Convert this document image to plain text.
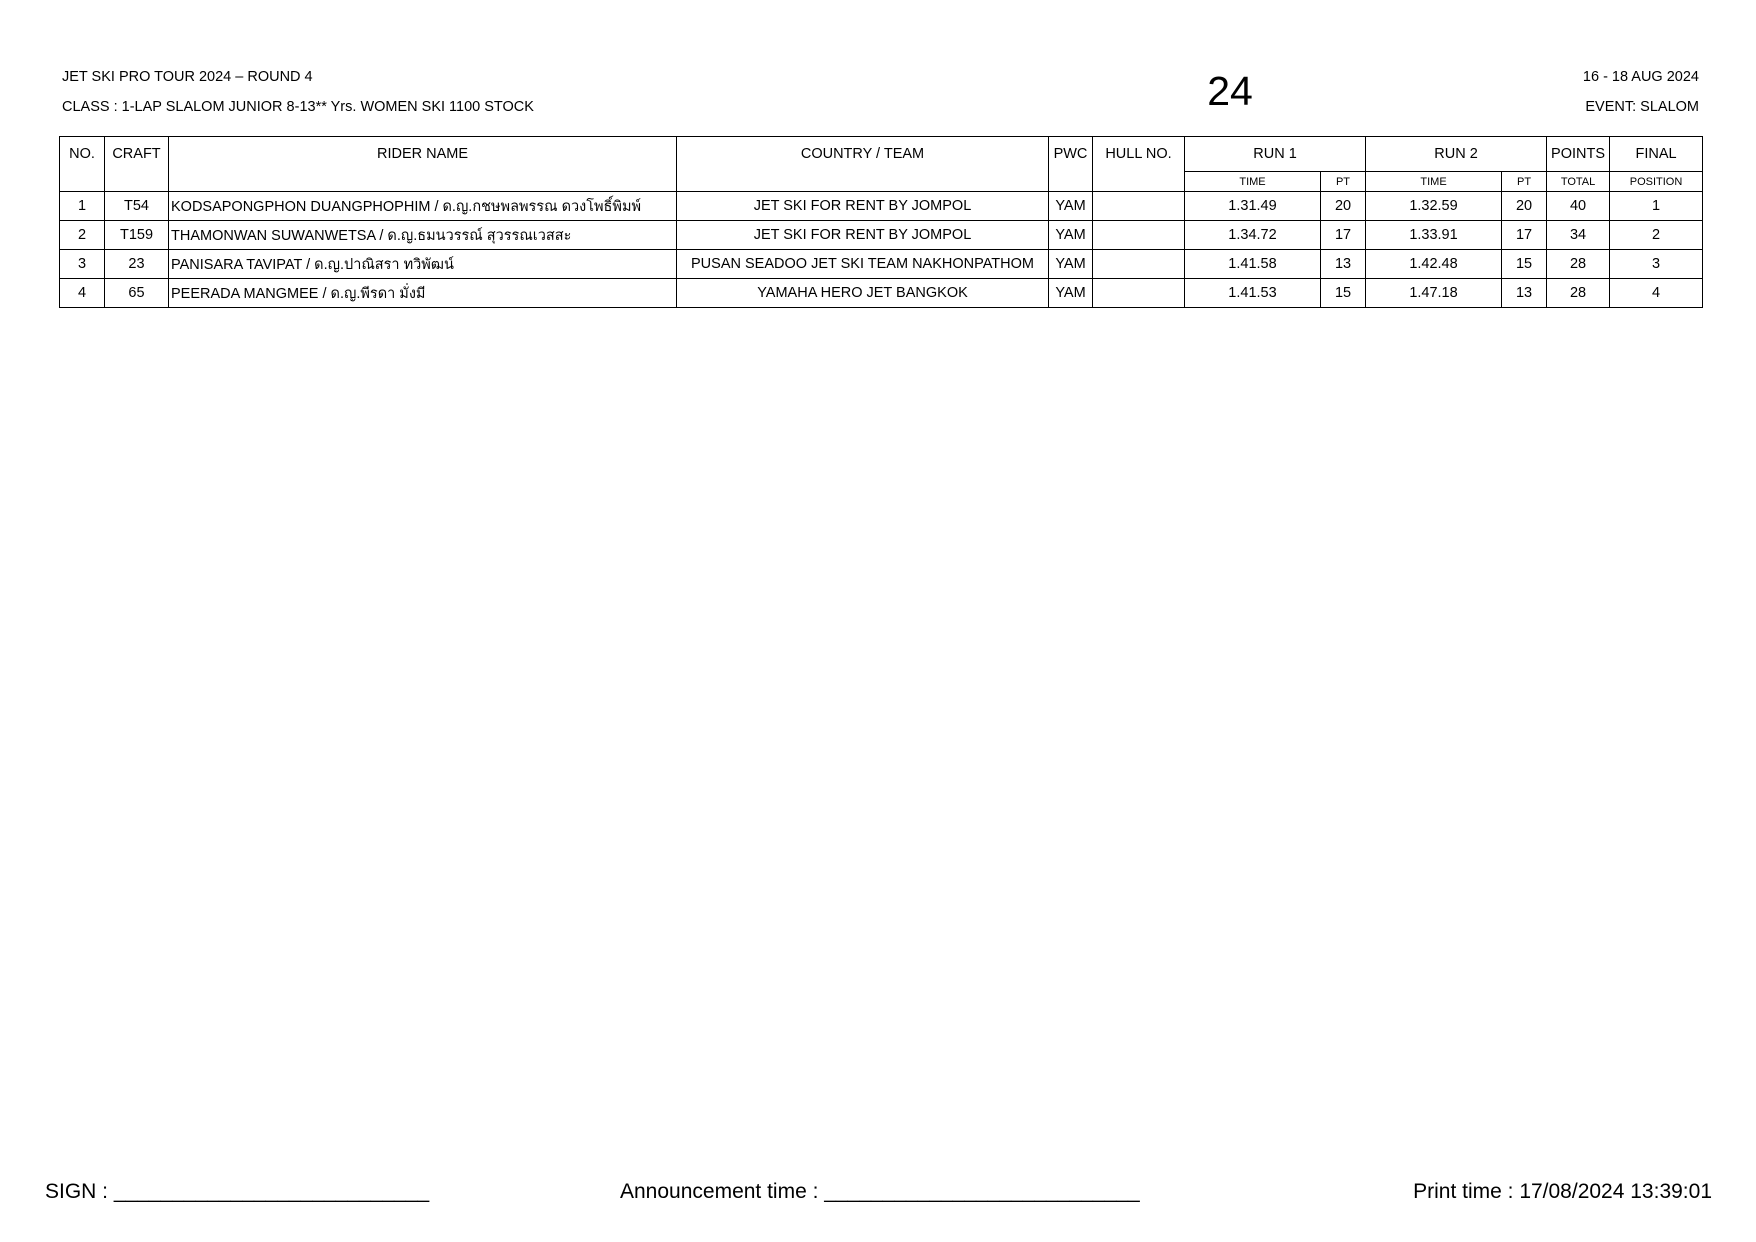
JET SKI PRO TOUR 2024 – ROUND 4
CLASS : 1-LAP SLALOM JUNIOR 8-13** Yrs. WOMEN SKI 1100 STOCK	24	16 - 18 AUG 2024
EVENT: SLALOM
NO.	CRAFT	RIDER NAME	COUNTRY / TEAM	PWC	HULL NO.	RUN 1		RUN 2		POINTS	FINAL
						TIME	PT	TIME	PT	TOTAL	POSITION
1	T54	KODSAPONGPHON DUANGPHOPHIM / ด.ญ.กชษพลพรรณ ดวงโพธิ์พิมพ์	JET SKI FOR RENT BY JOMPOL	YAM		1.31.49	20	1.32.59	20	40	1
2	T159	THAMONWAN SUWANWETSA / ด.ญ.ธมนวรรณ์ สุวรรณเวสสะ	JET SKI FOR RENT BY JOMPOL	YAM		1.34.72	17	1.33.91	17	34	2
3	23	PANISARA TAVIPAT / ด.ญ.ปาณิสรา ทวิพัฒน์	PUSAN SEADOO JET SKI TEAM NAKHONPATHOM	YAM		1.41.58	13	1.42.48	15	28	3
4	65	PEERADA MANGMEE / ด.ญ.พีรดา มั่งมี	YAMAHA HERO JET BANGKOK	YAM		1.41.53	15	1.47.18	13	28	4
SIGN : ___________________________	Announcement time : ___________________________	Print time : 17/08/2024 13:39:01
